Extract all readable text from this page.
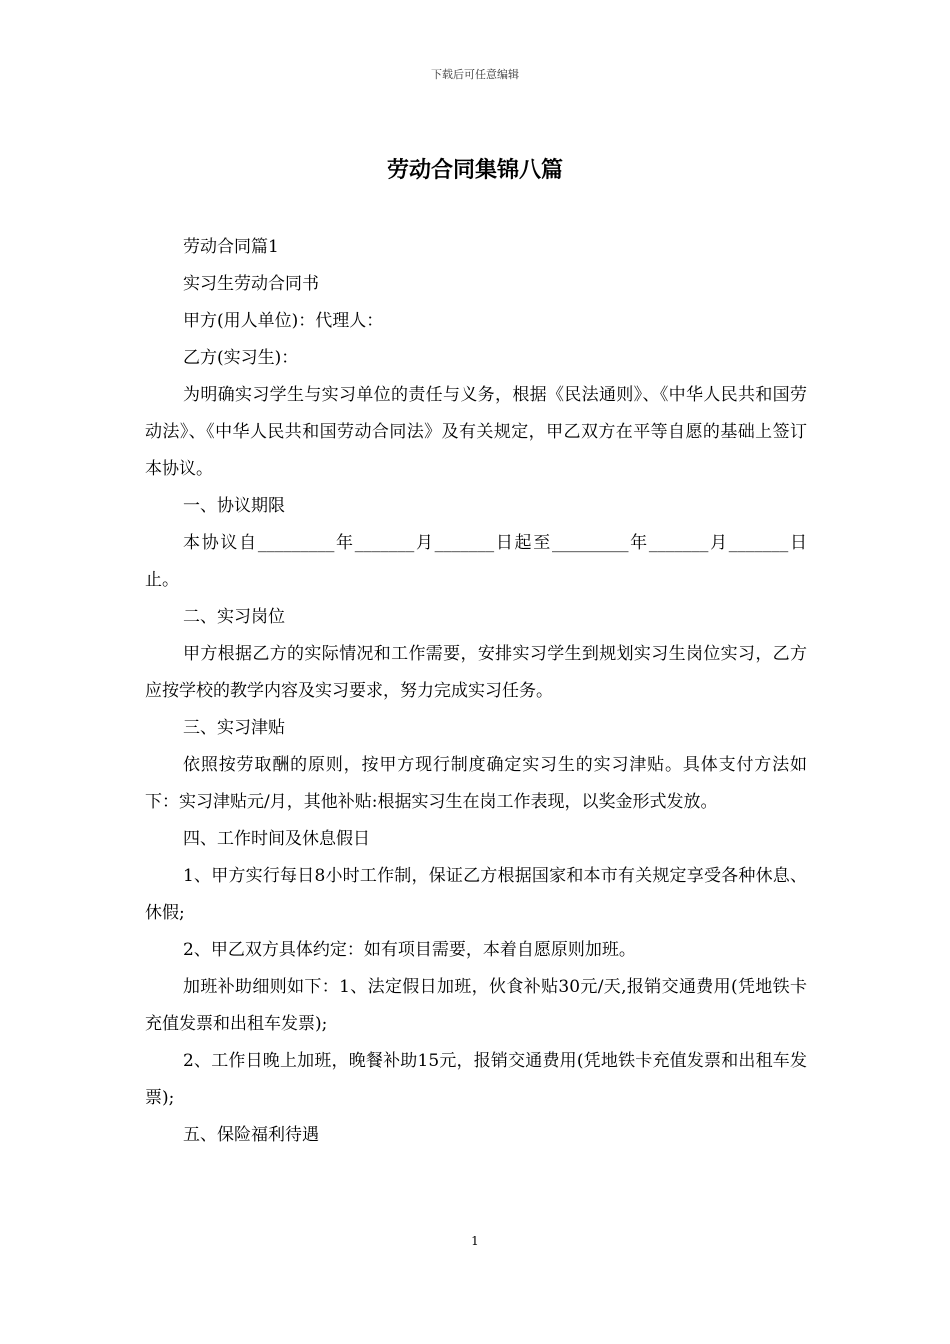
下载后可任意编辑
劳动合同集锦八篇

劳动合同篇1

实习生劳动合同书

甲方(用人单位)：代理人：

乙方(实习生)：

为明确实习学生与实习单位的责任与义务，根据《民法通则》、《中华人民共和国劳动法》、《中华人民共和国劳动合同法》及有关规定，甲乙双方在平等自愿的基础上签订本协议。

一、协议期限

本协议自_________年_______月_______日起至_________年_______月_______日止。

二、实习岗位

甲方根据乙方的实际情况和工作需要，安排实习学生到规划实习生岗位实习，乙方应按学校的教学内容及实习要求，努力完成实习任务。

三、实习津贴

依照按劳取酬的原则，按甲方现行制度确定实习生的实习津贴。具体支付方法如下：实习津贴元/月，其他补贴:根据实习生在岗工作表现，以奖金形式发放。

四、工作时间及休息假日

1、甲方实行每日8小时工作制，保证乙方根据国家和本市有关规定享受各种休息、休假;

2、甲乙双方具体约定：如有项目需要，本着自愿原则加班。

加班补助细则如下：1、法定假日加班，伙食补贴30元/天,报销交通费用(凭地铁卡充值发票和出租车发票);

2、工作日晚上加班，晚餐补助15元，报销交通费用(凭地铁卡充值发票和出租车发票);

五、保险福利待遇

1
